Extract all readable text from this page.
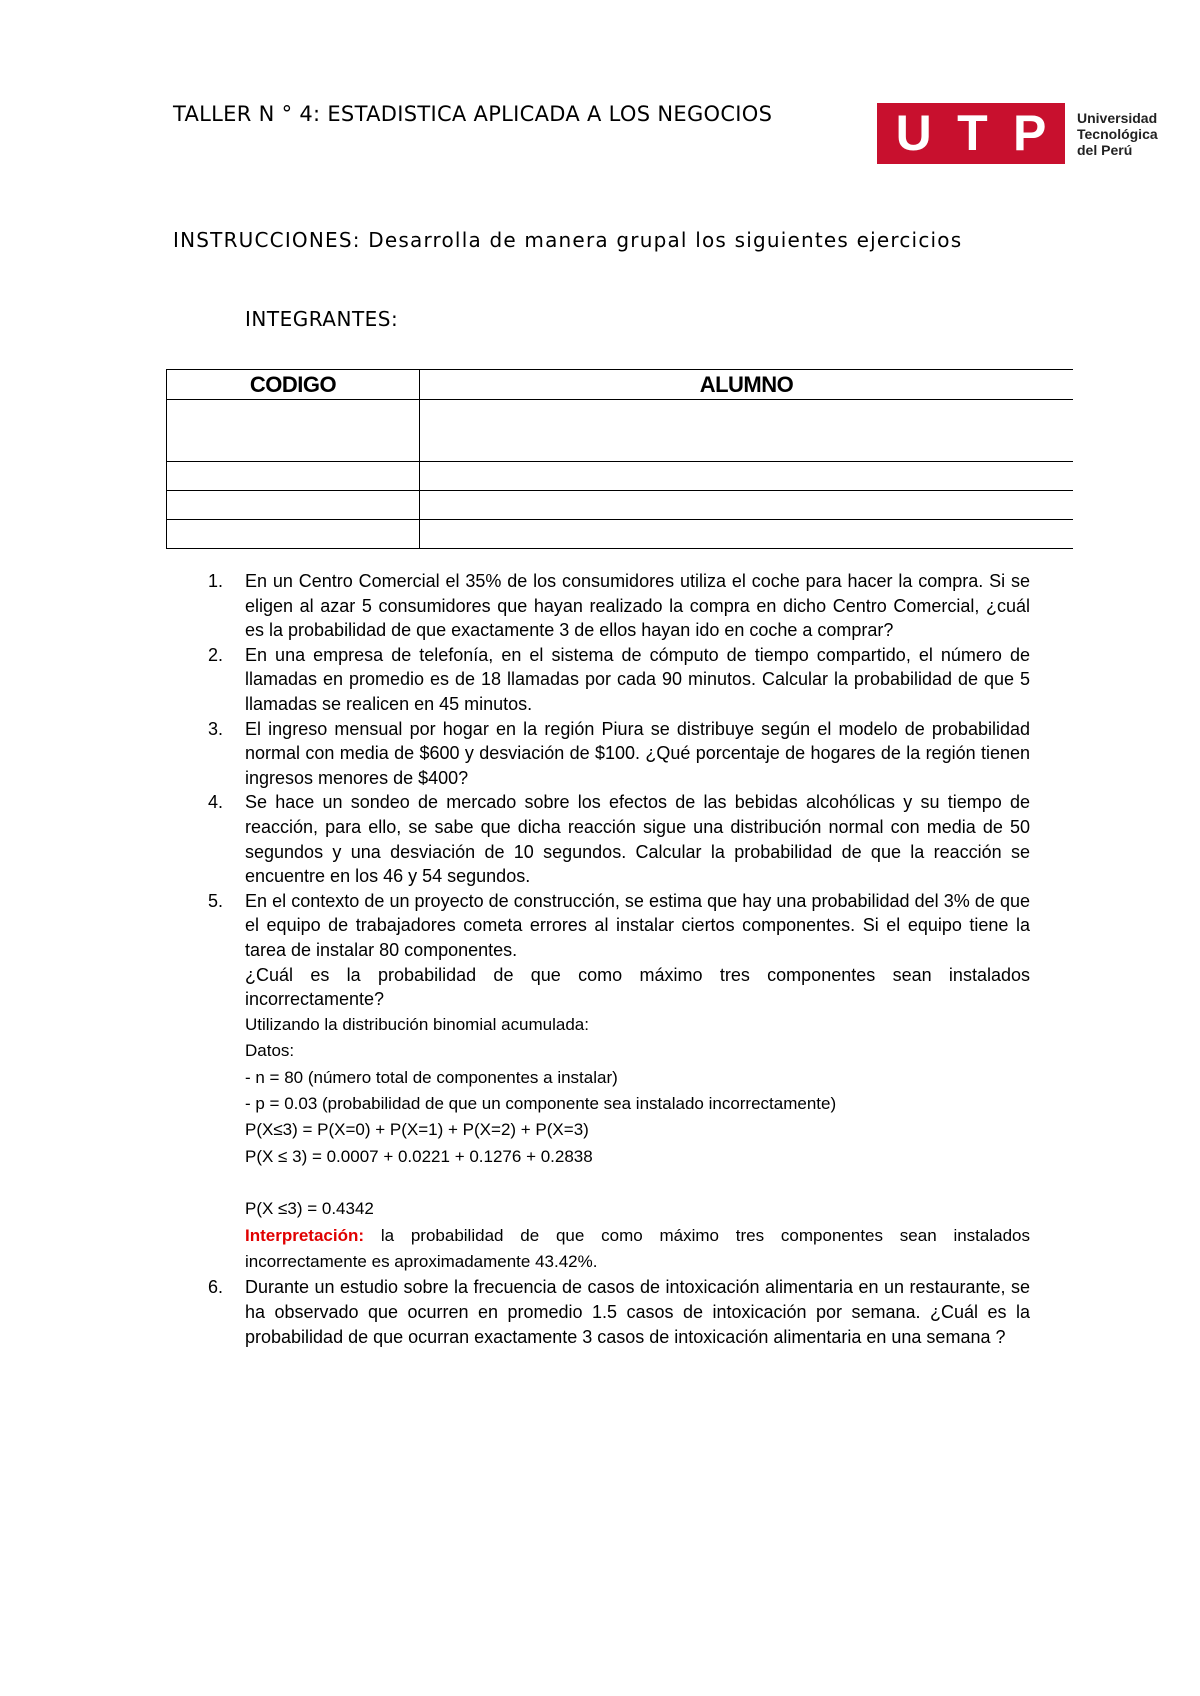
TALLER N ° 4: ESTADISTICA APLICADA A LOS NEGOCIOS	U T P Universidad
Tecnológica
del Perú
INSTRUCCIONES: Desarrolla de manera grupal los siguientes ejercicios
INTEGRANTES:
CODIGO	ALUMNO

1. En un Centro Comercial el 35% de los consumidores utiliza el coche para hacer la compra. Si se eligen al azar 5 consumidores que hayan realizado la compra en dicho Centro Comercial, ¿cuál es la probabilidad de que exactamente 3 de ellos hayan ido en coche a comprar?
2. En una empresa de telefonía, en el sistema de cómputo de tiempo compartido, el número de llamadas en promedio es de 18 llamadas por cada 90 minutos. Calcular la probabilidad de que 5 llamadas se realicen en 45 minutos.
3. El ingreso mensual por hogar en la región Piura se distribuye según el modelo de probabilidad normal con media de $600 y desviación de $100. ¿Qué porcentaje de hogares de la región tienen ingresos menores de $400?
4. Se hace un sondeo de mercado sobre los efectos de las bebidas alcohólicas y su tiempo de reacción, para ello, se sabe que dicha reacción sigue una distribución normal con media de 50 segundos y una desviación de 10 segundos. Calcular la probabilidad de que la reacción se encuentre en los 46 y 54 segundos.
5. En el contexto de un proyecto de construcción, se estima que hay una probabilidad del 3% de que el equipo de trabajadores cometa errores al instalar ciertos componentes. Si el equipo tiene la tarea de instalar 80 componentes.
¿Cuál es la probabilidad de que como máximo tres componentes sean instalados incorrectamente?
Utilizando la distribución binomial acumulada:
Datos:
- n = 80 (número total de componentes a instalar)
- p = 0.03 (probabilidad de que un componente sea instalado incorrectamente)
P(X≤3) = P(X=0) + P(X=1) + P(X=2) + P(X=3)
P(X ≤ 3) = 0.0007 + 0.0221 + 0.1276 + 0.2838
P(X ≤3) = 0.4342
Interpretación: la probabilidad de que como máximo tres componentes sean instalados incorrectamente es aproximadamente 43.42%.
6. Durante un estudio sobre la frecuencia de casos de intoxicación alimentaria en un restaurante, se ha observado que ocurren en promedio 1.5 casos de intoxicación por semana. ¿Cuál es la probabilidad de que ocurran exactamente 3 casos de intoxicación alimentaria en una semana ?
